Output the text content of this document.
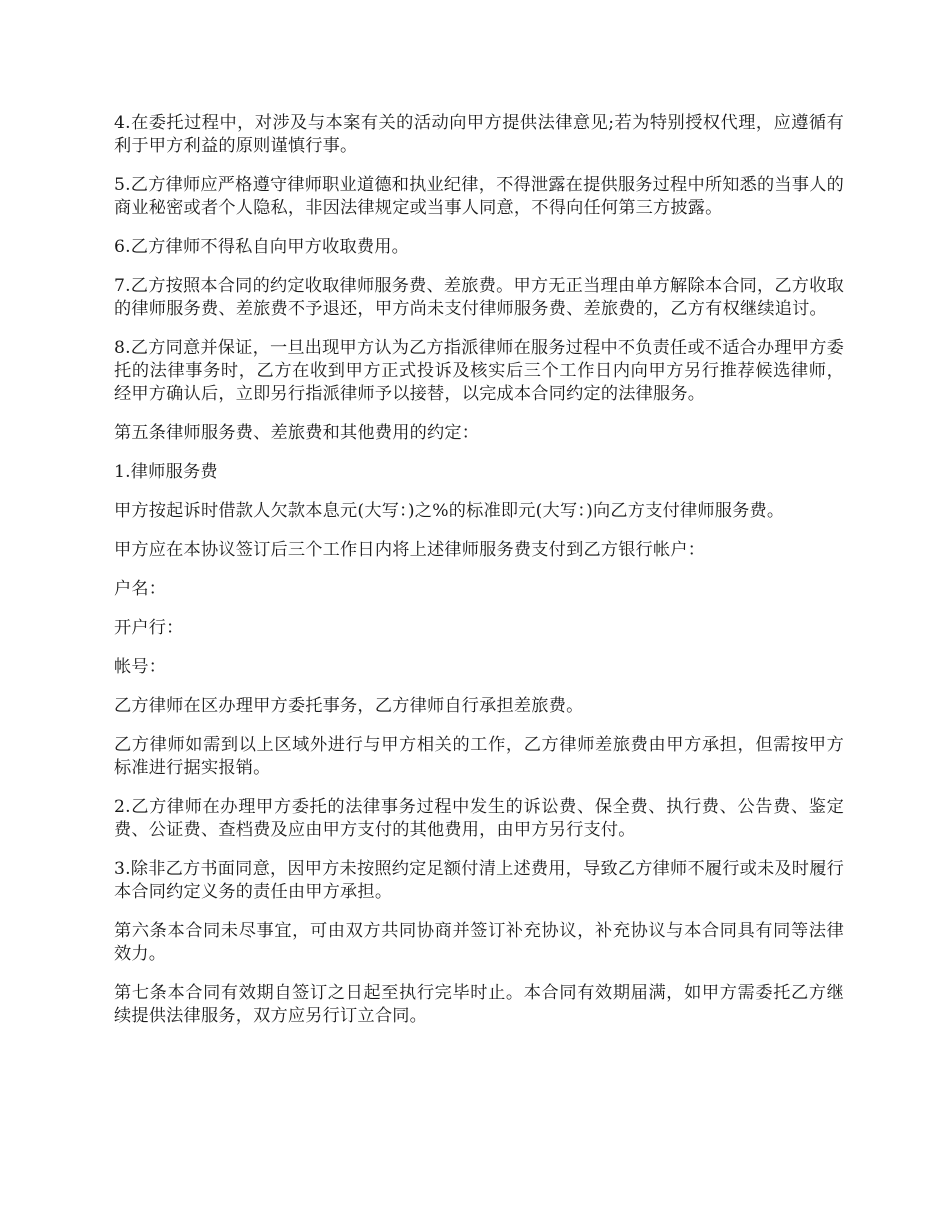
4.在委托过程中，对涉及与本案有关的活动向甲方提供法律意见;若为特别授权代理，应遵循有利于甲方利益的原则谨慎行事。

5.乙方律师应严格遵守律师职业道德和执业纪律，不得泄露在提供服务过程中所知悉的当事人的商业秘密或者个人隐私，非因法律规定或当事人同意，不得向任何第三方披露。

6.乙方律师不得私自向甲方收取费用。

7.乙方按照本合同的约定收取律师服务费、差旅费。甲方无正当理由单方解除本合同，乙方收取的律师服务费、差旅费不予退还，甲方尚未支付律师服务费、差旅费的，乙方有权继续追讨。

8.乙方同意并保证，一旦出现甲方认为乙方指派律师在服务过程中不负责任或不适合办理甲方委托的法律事务时，乙方在收到甲方正式投诉及核实后三个工作日内向甲方另行推荐候选律师，经甲方确认后，立即另行指派律师予以接替，以完成本合同约定的法律服务。

第五条律师服务费、差旅费和其他费用的约定：

1.律师服务费

甲方按起诉时借款人欠款本息元(大写：)之%的标准即元(大写：)向乙方支付律师服务费。

甲方应在本协议签订后三个工作日内将上述律师服务费支付到乙方银行帐户：

户名：

开户行：

帐号：

乙方律师在区办理甲方委托事务，乙方律师自行承担差旅费。

乙方律师如需到以上区域外进行与甲方相关的工作，乙方律师差旅费由甲方承担，但需按甲方标准进行据实报销。

2.乙方律师在办理甲方委托的法律事务过程中发生的诉讼费、保全费、执行费、公告费、鉴定费、公证费、查档费及应由甲方支付的其他费用，由甲方另行支付。

3.除非乙方书面同意，因甲方未按照约定足额付清上述费用，导致乙方律师不履行或未及时履行本合同约定义务的责任由甲方承担。

第六条本合同未尽事宜，可由双方共同协商并签订补充协议，补充协议与本合同具有同等法律效力。

第七条本合同有效期自签订之日起至执行完毕时止。本合同有效期届满，如甲方需委托乙方继续提供法律服务，双方应另行订立合同。
